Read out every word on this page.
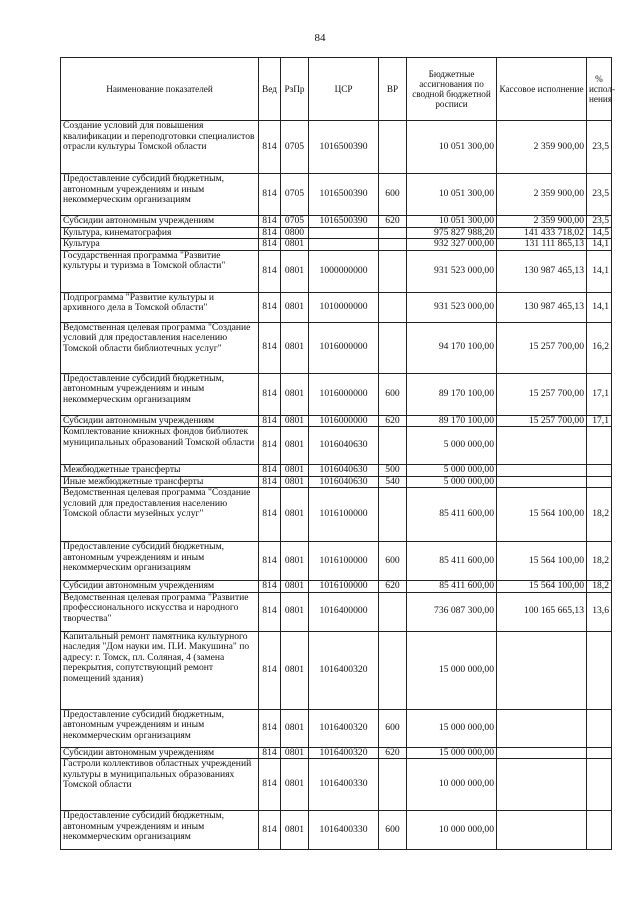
84
Наименование показателей	Вед	РзПр	ЦСР	ВР	Бюджетные ассигнования по сводной бюджетной росписи	Кассовое исполнение	% испол-нения
Создание условий для повышения квалификации и переподготовки специалистов отрасли культуры Томской области	814	0705	1016500390		10 051 300,00	2 359 900,00	23,5
Предоставление субсидий бюджетным, автономным учреждениям и иным некоммерческим организациям	814	0705	1016500390	600	10 051 300,00	2 359 900,00	23,5
Субсидии автономным учреждениям	814	0705	1016500390	620	10 051 300,00	2 359 900,00	23,5
Культура, кинематография	814	0800			975 827 988,20	141 433 718,02	14,5
Культура	814	0801			932 327 000,00	131 111 865,13	14,1
Государственная программа "Развитие культуры и туризма в Томской области"	814	0801	1000000000		931 523 000,00	130 987 465,13	14,1
Подпрограмма "Развитие культуры и архивного дела в Томской области"	814	0801	1010000000		931 523 000,00	130 987 465,13	14,1
Ведомственная целевая программа "Создание условий для предоставления населению Томской области библиотечных услуг"	814	0801	1016000000		94 170 100,00	15 257 700,00	16,2
Предоставление субсидий бюджетным, автономным учреждениям и иным некоммерческим организациям	814	0801	1016000000	600	89 170 100,00	15 257 700,00	17,1
Субсидии автономным учреждениям	814	0801	1016000000	620	89 170 100,00	15 257 700,00	17,1
Комплектование книжных фондов библиотек муниципальных образований Томской области	814	0801	1016040630		5 000 000,00		
Межбюджетные трансферты	814	0801	1016040630	500	5 000 000,00		
Иные межбюджетные трансферты	814	0801	1016040630	540	5 000 000,00		
Ведомственная целевая программа "Создание условий для предоставления населению Томской области музейных услуг"	814	0801	1016100000		85 411 600,00	15 564 100,00	18,2
Предоставление субсидий бюджетным, автономным учреждениям и иным некоммерческим организациям	814	0801	1016100000	600	85 411 600,00	15 564 100,00	18,2
Субсидии автономным учреждениям	814	0801	1016100000	620	85 411 600,00	15 564 100,00	18,2
Ведомственная целевая программа "Развитие профессионального искусства и народного творчества"	814	0801	1016400000		736 087 300,00	100 165 665,13	13,6
Капитальный ремонт памятника культурного наследия "Дом науки им. П.И. Макушина" по адресу: г. Томск, пл. Соляная, 4 (замена перекрытия, сопутствующий ремонт помещений здания)	814	0801	1016400320		15 000 000,00		
Предоставление субсидий бюджетным, автономным учреждениям и иным некоммерческим организациям	814	0801	1016400320	600	15 000 000,00		
Субсидии автономным учреждениям	814	0801	1016400320	620	15 000 000,00		
Гастроли коллективов областных учреждений культуры в муниципальных образованиях Томской области	814	0801	1016400330		10 000 000,00		
Предоставление субсидий бюджетным, автономным учреждениям и иным некоммерческим организациям	814	0801	1016400330	600	10 000 000,00		
